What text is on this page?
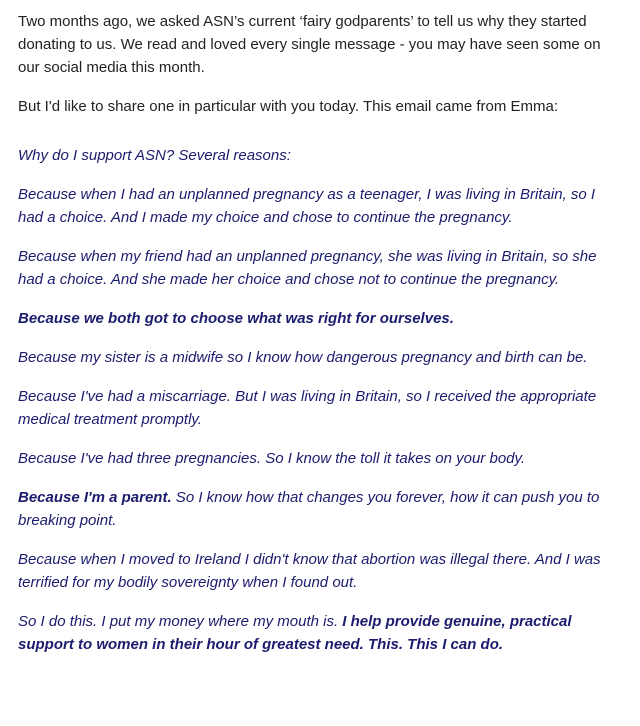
Two months ago, we asked ASN’s current ‘fairy godparents’ to tell us why they started donating to us. We read and loved every single message - you may have seen some on our social media this month.

But I'd like to share one in particular with you today. This email came from Emma:

Why do I support ASN? Several reasons:

Because when I had an unplanned pregnancy as a teenager, I was living in Britain, so I had a choice. And I made my choice and chose to continue the pregnancy.

Because when my friend had an unplanned pregnancy, she was living in Britain, so she had a choice. And she made her choice and chose not to continue the pregnancy.

Because we both got to choose what was right for ourselves.

Because my sister is a midwife so I know how dangerous pregnancy and birth can be.

Because I've had a miscarriage. But I was living in Britain, so I received the appropriate medical treatment promptly.

Because I've had three pregnancies. So I know the toll it takes on your body.

Because I'm a parent. So I know how that changes you forever, how it can push you to breaking point.

Because when I moved to Ireland I didn't know that abortion was illegal there. And I was terrified for my bodily sovereignty when I found out.

So I do this. I put my money where my mouth is. I help provide genuine, practical support to women in their hour of greatest need. This. This I can do.
